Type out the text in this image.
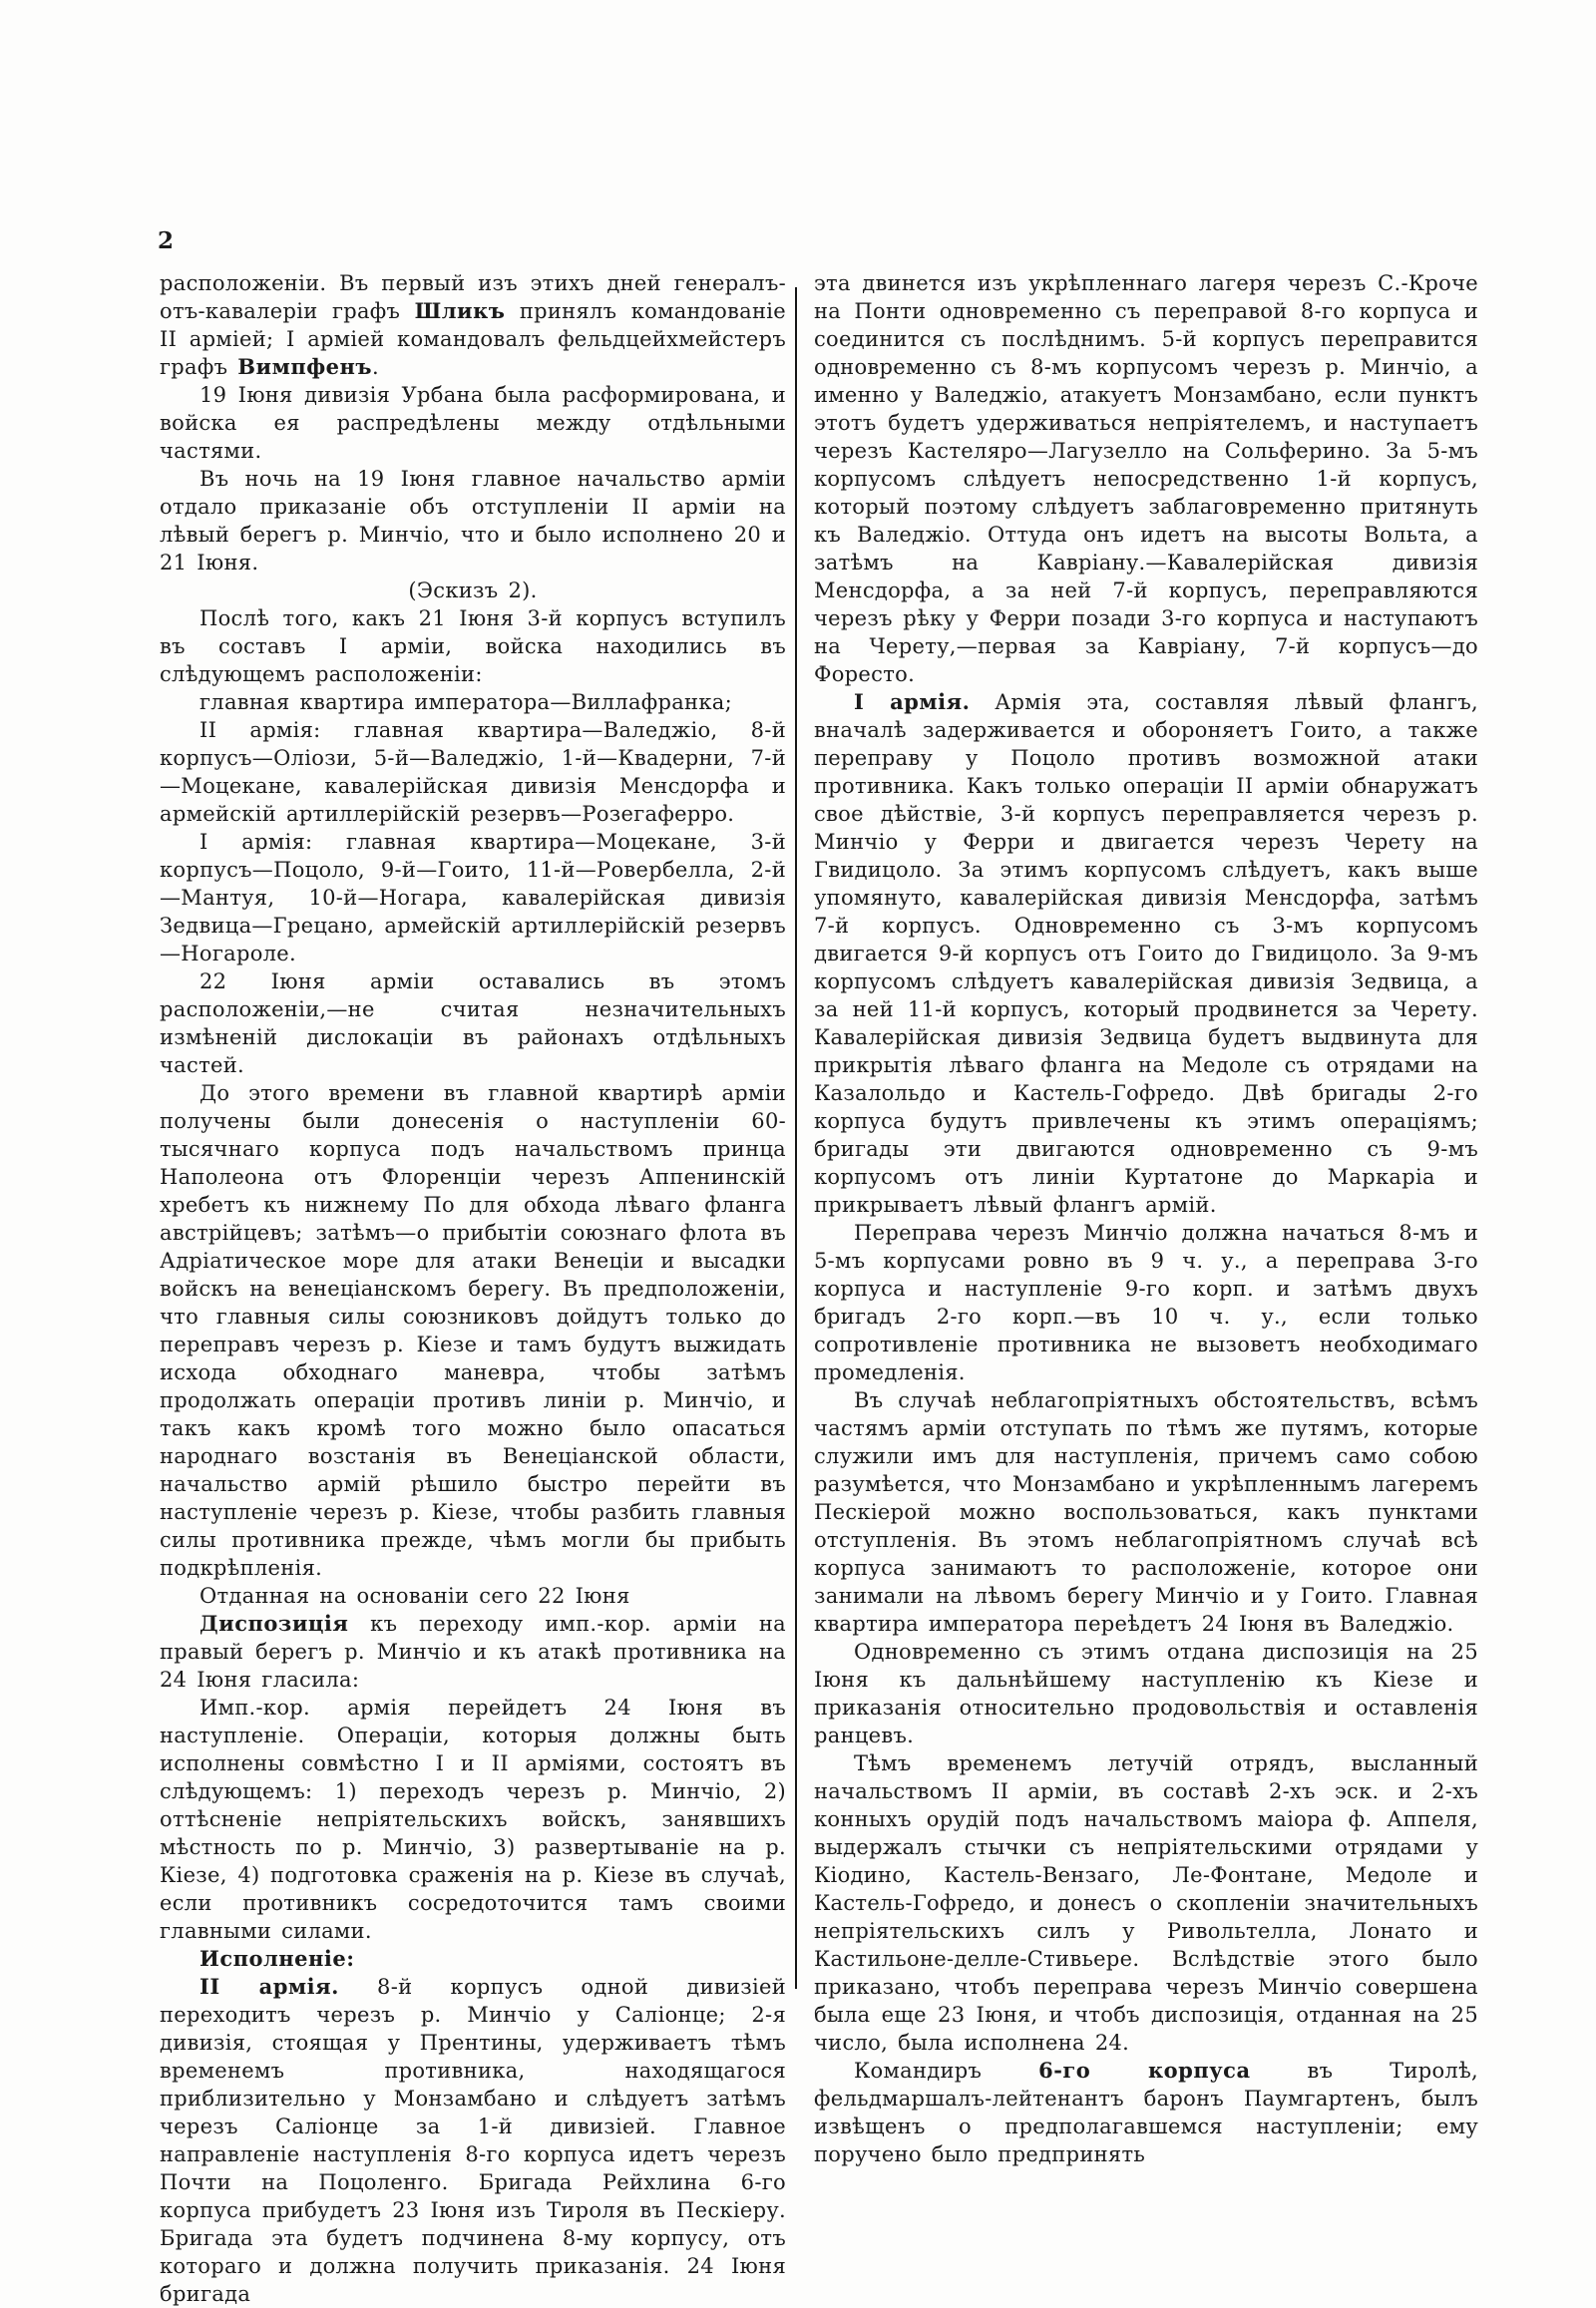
2

расположеніи. Въ первый изъ этихъ дней генералъ-отъ-кавалеріи графъ Шликъ принялъ командованіе II арміей; I арміей командовалъ фельдцейхмейстеръ графъ Вимпфенъ.

19 Іюня дивизія Урбана была расформирована, и войска ея распредѣлены между отдѣльными частями.

Въ ночь на 19 Іюня главное начальство арміи отдало приказаніе объ отступленіи II арміи на лѣвый берегъ р. Минчіо, что и было исполнено 20 и 21 Іюня.

(Эскизъ 2).

Послѣ того, какъ 21 Іюня 3-й корпусъ вступилъ въ составъ I арміи, войска находились въ слѣдующемъ расположеніи:

главная квартира императора—Виллафранка;

II армія: главная квартира—Валеджіо, 8-й корпусъ—Оліози, 5-й—Валеджіо, 1-й—Квадерни, 7-й—Моцекане, кавалерійская дивизія Менсдорфа и армейскій артиллерійскій резервъ—Розегаферро.

I армія: главная квартира—Моцекане, 3-й корпусъ—Поцоло, 9-й—Гоито, 11-й—Ровербелла, 2-й—Мантуя, 10-й—Ногара, кавалерійская дивизія Зедвица—Грецано, армейскій артиллерійскій резервъ—Ногароле.

22 Іюня арміи оставались въ этомъ расположеніи,—не считая незначительныхъ измѣненій дислокаціи въ районахъ отдѣльныхъ частей.

До этого времени въ главной квартирѣ арміи получены были донесенія о наступленіи 60-тысячнаго корпуса подъ начальствомъ принца Наполеона отъ Флоренціи черезъ Аппенинскій хребетъ къ нижнему По для обхода лѣваго фланга австрійцевъ; затѣмъ—о прибытіи союзнаго флота въ Адріатическое море для атаки Венеціи и высадки войскъ на венеціанскомъ берегу. Въ предположеніи, что главныя силы союзниковъ дойдутъ только до переправъ черезъ р. Кіезе и тамъ будутъ выжидать исхода обходнаго маневра, чтобы затѣмъ продолжать операціи противъ линіи р. Минчіо, и такъ какъ кромѣ того можно было опасаться народнаго возстанія въ Венеціанской области, начальство армій рѣшило быстро перейти въ наступленіе черезъ р. Кіезе, чтобы разбить главныя силы противника прежде, чѣмъ могли бы прибыть подкрѣпленія.

Отданная на основаніи сего 22 Іюня

Диспозиція къ переходу имп.-кор. арміи на правый берегъ р. Минчіо и къ атакѣ противника на 24 Іюня гласила:

Имп.-кор. армія перейдетъ 24 Іюня въ наступленіе. Операціи, которыя должны быть исполнены совмѣстно I и II арміями, состоятъ въ слѣдующемъ: 1) переходъ черезъ р. Минчіо, 2) оттѣсненіе непріятельскихъ войскъ, занявшихъ мѣстность по р. Минчіо, 3) развертываніе на р. Кіезе, 4) подготовка сраженія на р. Кіезе въ случаѣ, если противникъ сосредоточится тамъ своими главными силами.

Исполненіе:

II армія. 8-й корпусъ одной дивизіей переходитъ черезъ р. Минчіо у Саліонце; 2-я дивизія, стоящая у Прентины, удерживаетъ тѣмъ временемъ противника, находящагося приблизительно у Монзамбано и слѣдуетъ затѣмъ черезъ Саліонце за 1-й дивизіей. Главное направленіе наступленія 8-го корпуса идетъ черезъ Почти на Поцоленго. Бригада Рейхлина 6-го корпуса прибудетъ 23 Іюня изъ Тироля въ Пескіеру. Бригада эта будетъ подчинена 8-му корпусу, отъ котораго и должна получить приказанія. 24 Іюня бригада

эта двинется изъ укрѣпленнаго лагеря черезъ С.-Кроче на Понти одновременно съ переправой 8-го корпуса и соединится съ послѣднимъ. 5-й корпусъ переправится одновременно съ 8-мъ корпусомъ черезъ р. Минчіо, а именно у Валеджіо, атакуетъ Монзамбано, если пунктъ этотъ будетъ удерживаться непріятелемъ, и наступаетъ черезъ Кастеляро—Лагузелло на Сольферино. За 5-мъ корпусомъ слѣдуетъ непосредственно 1-й корпусъ, который поэтому слѣдуетъ заблаговременно притянуть къ Валеджіо. Оттуда онъ идетъ на высоты Вольта, а затѣмъ на Кавріану.—Кавалерійская дивизія Менсдорфа, а за ней 7-й корпусъ, переправляются черезъ рѣку у Ферри позади 3-го корпуса и наступаютъ на Черету,—первая за Кавріану, 7-й корпусъ—до Форесто.

I армія. Армія эта, составляя лѣвый флангъ, вначалѣ задерживается и обороняетъ Гоито, а также переправу у Поцоло противъ возможной атаки противника. Какъ только операціи II арміи обнаружатъ свое дѣйствіе, 3-й корпусъ переправляется черезъ р. Минчіо у Ферри и двигается черезъ Черету на Гвидицоло. За этимъ корпусомъ слѣдуетъ, какъ выше упомянуто, кавалерійская дивизія Менсдорфа, затѣмъ 7-й корпусъ. Одновременно съ 3-мъ корпусомъ двигается 9-й корпусъ отъ Гоито до Гвидицоло. За 9-мъ корпусомъ слѣдуетъ кавалерійская дивизія Зедвица, а за ней 11-й корпусъ, который продвинется за Черету. Кавалерійская дивизія Зедвица будетъ выдвинута для прикрытія лѣваго фланга на Медоле съ отрядами на Казалольдо и Кастель-Гофредо. Двѣ бригады 2-го корпуса будутъ привлечены къ этимъ операціямъ; бригады эти двигаются одновременно съ 9-мъ корпусомъ отъ линіи Куртатоне до Маркаріа и прикрываетъ лѣвый флангъ армій.

Переправа черезъ Минчіо должна начаться 8-мъ и 5-мъ корпусами ровно въ 9 ч. у., а переправа 3-го корпуса и наступленіе 9-го корп. и затѣмъ двухъ бригадъ 2-го корп.—въ 10 ч. у., если только сопротивленіе противника не вызоветъ необходимаго промедленія.

Въ случаѣ неблагопріятныхъ обстоятельствъ, всѣмъ частямъ арміи отступать по тѣмъ же путямъ, которые служили имъ для наступленія, причемъ само собою разумѣется, что Монзамбано и укрѣпленнымъ лагеремъ Пескіерой можно воспользоваться, какъ пунктами отступленія. Въ этомъ неблагопріятномъ случаѣ всѣ корпуса занимаютъ то расположеніе, которое они занимали на лѣвомъ берегу Минчіо и у Гоито. Главная квартира императора переѣдетъ 24 Іюня въ Валеджіо.

Одновременно съ этимъ отдана диспозиція на 25 Іюня къ дальнѣйшему наступленію къ Кіезе и приказанія относительно продовольствія и оставленія ранцевъ.

Тѣмъ временемъ летучій отрядъ, высланный начальствомъ II арміи, въ составѣ 2-хъ эск. и 2-хъ конныхъ орудій подъ начальствомъ маіора ф. Аппеля, выдержалъ стычки съ непріятельскими отрядами у Кіодино, Кастель-Вензаго, Ле-Фонтане, Медоле и Кастель-Гофредо, и донесъ о скопленіи значительныхъ непріятельскихъ силъ у Ривольтелла, Лонато и Кастильоне-делле-Стивьере. Вслѣдствіе этого было приказано, чтобъ переправа черезъ Минчіо совершена была еще 23 Іюня, и чтобъ диспозиція, отданная на 25 число, была исполнена 24.

Командиръ 6-го корпуса въ Тиролѣ, фельдмаршалъ-лейтенантъ баронъ Паумгартенъ, былъ извѣщенъ о предполагавшемся наступленіи; ему поручено было предпринять
